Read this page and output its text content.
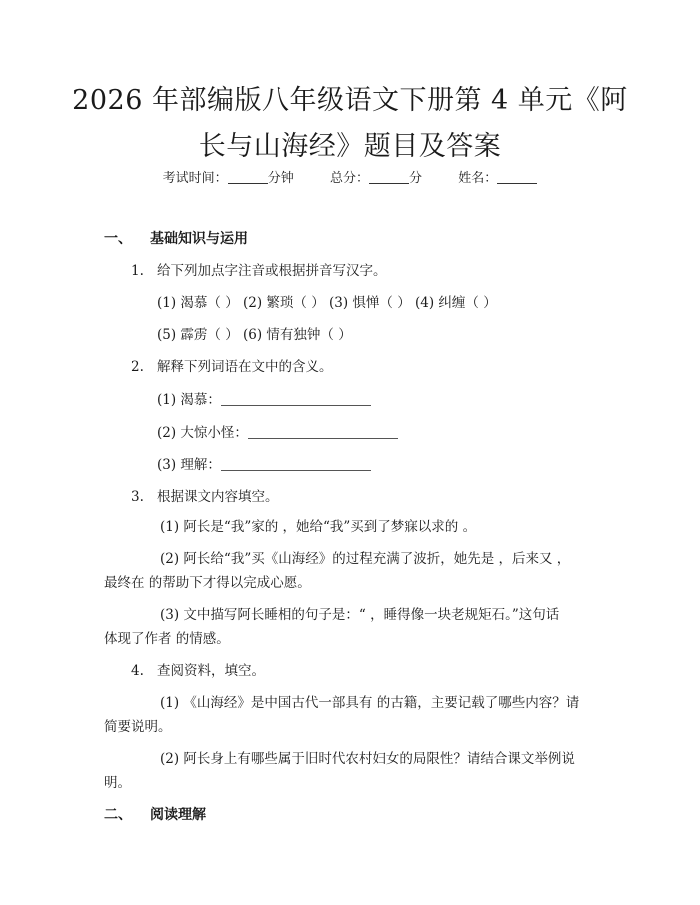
2026 年部编版八年级语文下册第 4 单元《阿
长与山海经》题目及答案
考试时间：	分钟	总分：	分	姓名：
一、 基础知识与运用
1. 给下列加点字注音或根据拼音写汉字。
(1) 渴慕（ ） (2) 繁琐（ ） (3) 惧惮（ ） (4) 纠缠（ ）
(5) 霹雳（ ） (6) 情有独钟（ ）
2. 解释下列词语在文中的含义。
(1) 渴慕：
(2) 大惊小怪：
(3) 理解：
3. 根据课文内容填空。
(1) 阿长是“我”家的 ，她给“我”买到了梦寐以求的 。
(2) 阿长给“我”买《山海经》的过程充满了波折，她先是 ，后来又 ，
最终在 的帮助下才得以完成心愿。
(3) 文中描写阿长睡相的句子是：“ ，睡得像一块老规矩石。”这句话
体现了作者 的情感。
4. 查阅资料，填空。
(1) 《山海经》是中国古代一部具有 的古籍，主要记载了哪些内容？请
简要说明。
(2) 阿长身上有哪些属于旧时代农村妇女的局限性？请结合课文举例说
明。
二、 阅读理解
